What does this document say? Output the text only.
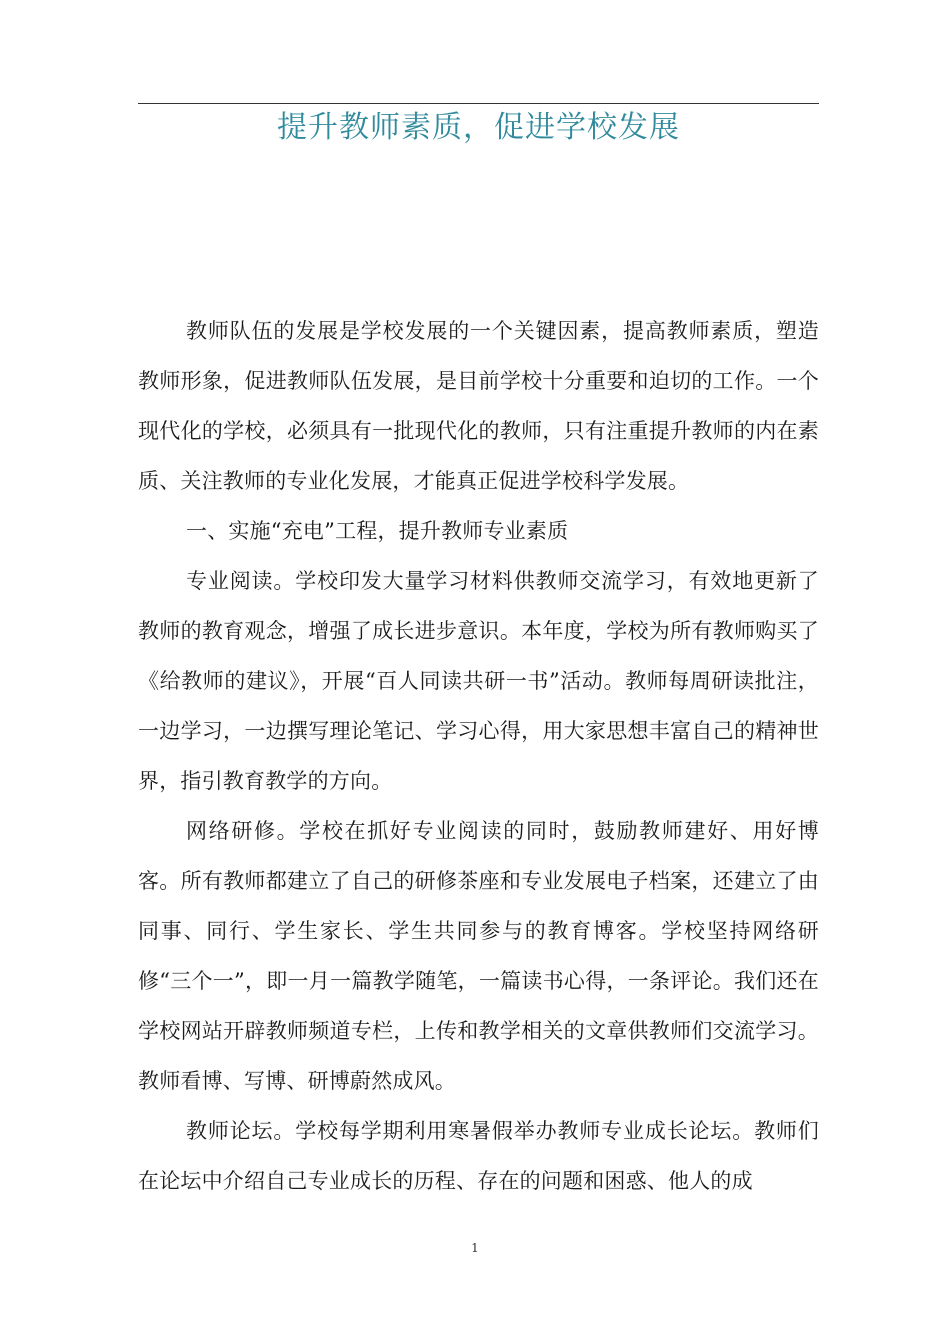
提升教师素质，促进学校发展

教师队伍的发展是学校发展的一个关键因素，提高教师素质，塑造教师形象，促进教师队伍发展，是目前学校十分重要和迫切的工作。一个现代化的学校，必须具有一批现代化的教师，只有注重提升教师的内在素质、关注教师的专业化发展，才能真正促进学校科学发展。

一、实施“充电”工程，提升教师专业素质

专业阅读。学校印发大量学习材料供教师交流学习，有效地更新了教师的教育观念，增强了成长进步意识。本年度，学校为所有教师购买了《给教师的建议》，开展“百人同读共研一书”活动。教师每周研读批注，一边学习，一边撰写理论笔记、学习心得，用大家思想丰富自己的精神世界，指引教育教学的方向。

网络研修。学校在抓好专业阅读的同时，鼓励教师建好、用好博客。所有教师都建立了自己的研修茶座和专业发展电子档案，还建立了由同事、同行、学生家长、学生共同参与的教育博客。学校坚持网络研修“三个一”，即一月一篇教学随笔，一篇读书心得，一条评论。我们还在学校网站开辟教师频道专栏，上传和教学相关的文章供教师们交流学习。教师看博、写博、研博蔚然成风。

教师论坛。学校每学期利用寒暑假举办教师专业成长论坛。教师们在论坛中介绍自己专业成长的历程、存在的问题和困惑、他人的成

1
